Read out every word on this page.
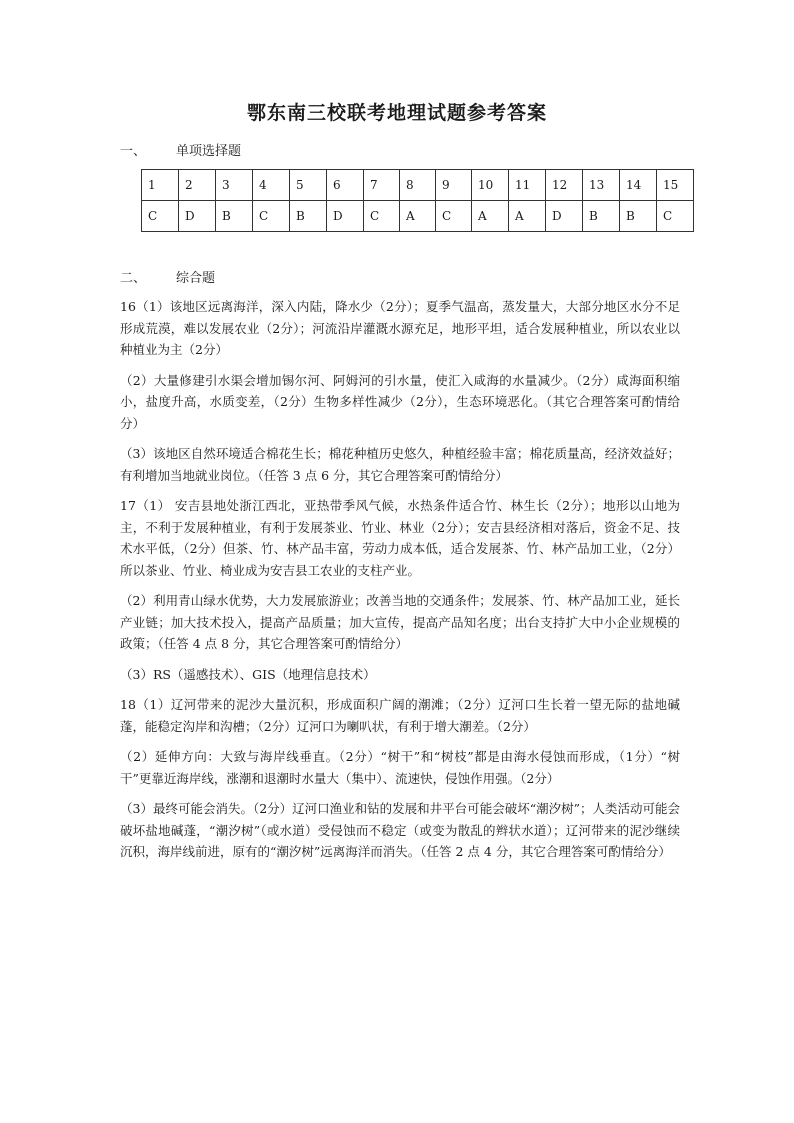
鄂东南三校联考地理试题参考答案
一、 单项选择题
1	2	3	4	5	6	7	8	9	10	11	12	13	14	15
C	D	B	C	B	D	C	A	C	A	A	D	B	B	C
二、 综合题

16（1）该地区远离海洋，深入内陆，降水少（2分）；夏季气温高，蒸发量大，大部分地区水分不足形成荒漠，难以发展农业（2分）；河流沿岸灌溉水源充足，地形平坦，适合发展种植业，所以农业以种植业为主（2分）

（2）大量修建引水渠会增加锡尔河、阿姆河的引水量，使汇入咸海的水量减少。（2分）咸海面积缩小，盐度升高，水质变差，（2分）生物多样性减少（2分），生态环境恶化。（其它合理答案可酌情给分）

（3）该地区自然环境适合棉花生长；棉花种植历史悠久，种植经验丰富；棉花质量高，经济效益好；有利增加当地就业岗位。（任答 3 点 6 分，其它合理答案可酌情给分）

17（1） 安吉县地处浙江西北，亚热带季风气候，水热条件适合竹、林生长（2分）；地形以山地为主，不利于发展种植业，有利于发展茶业、竹业、林业（2分）；安吉县经济相对落后，资金不足、技术水平低，（2分）但茶、竹、林产品丰富，劳动力成本低，适合发展茶、竹、林产品加工业，（2分）所以茶业、竹业、椅业成为安吉县工农业的支柱产业。

（2）利用青山绿水优势，大力发展旅游业；改善当地的交通条件；发展茶、竹、林产品加工业，延长产业链；加大技术投入，提高产品质量；加大宣传，提高产品知名度；出台支持扩大中小企业规模的政策；（任答 4 点 8 分，其它合理答案可酌情给分）

（3）RS（遥感技术）、GIS（地理信息技术）

18（1）辽河带来的泥沙大量沉积，形成面积广阔的潮滩；（2分）辽河口生长着一望无际的盐地碱蓬，能稳定沟岸和沟槽；（2分）辽河口为喇叭状，有利于增大潮差。（2分）

（2）延伸方向：大致与海岸线垂直。（2分）“树干”和“树枝”都是由海水侵蚀而形成，（1分）“树干”更靠近海岸线，涨潮和退潮时水量大（集中）、流速快，侵蚀作用强。（2分）

（3）最终可能会消失。（2分）辽河口渔业和钻的发展和井平台可能会破坏“潮汐树”；人类活动可能会破坏盐地碱蓬，“潮汐树”（或水道）受侵蚀而不稳定（或变为散乱的辫状水道）；辽河带来的泥沙继续沉积，海岸线前进，原有的“潮汐树”远离海洋而消失。（任答 2 点 4 分，其它合理答案可酌情给分）
